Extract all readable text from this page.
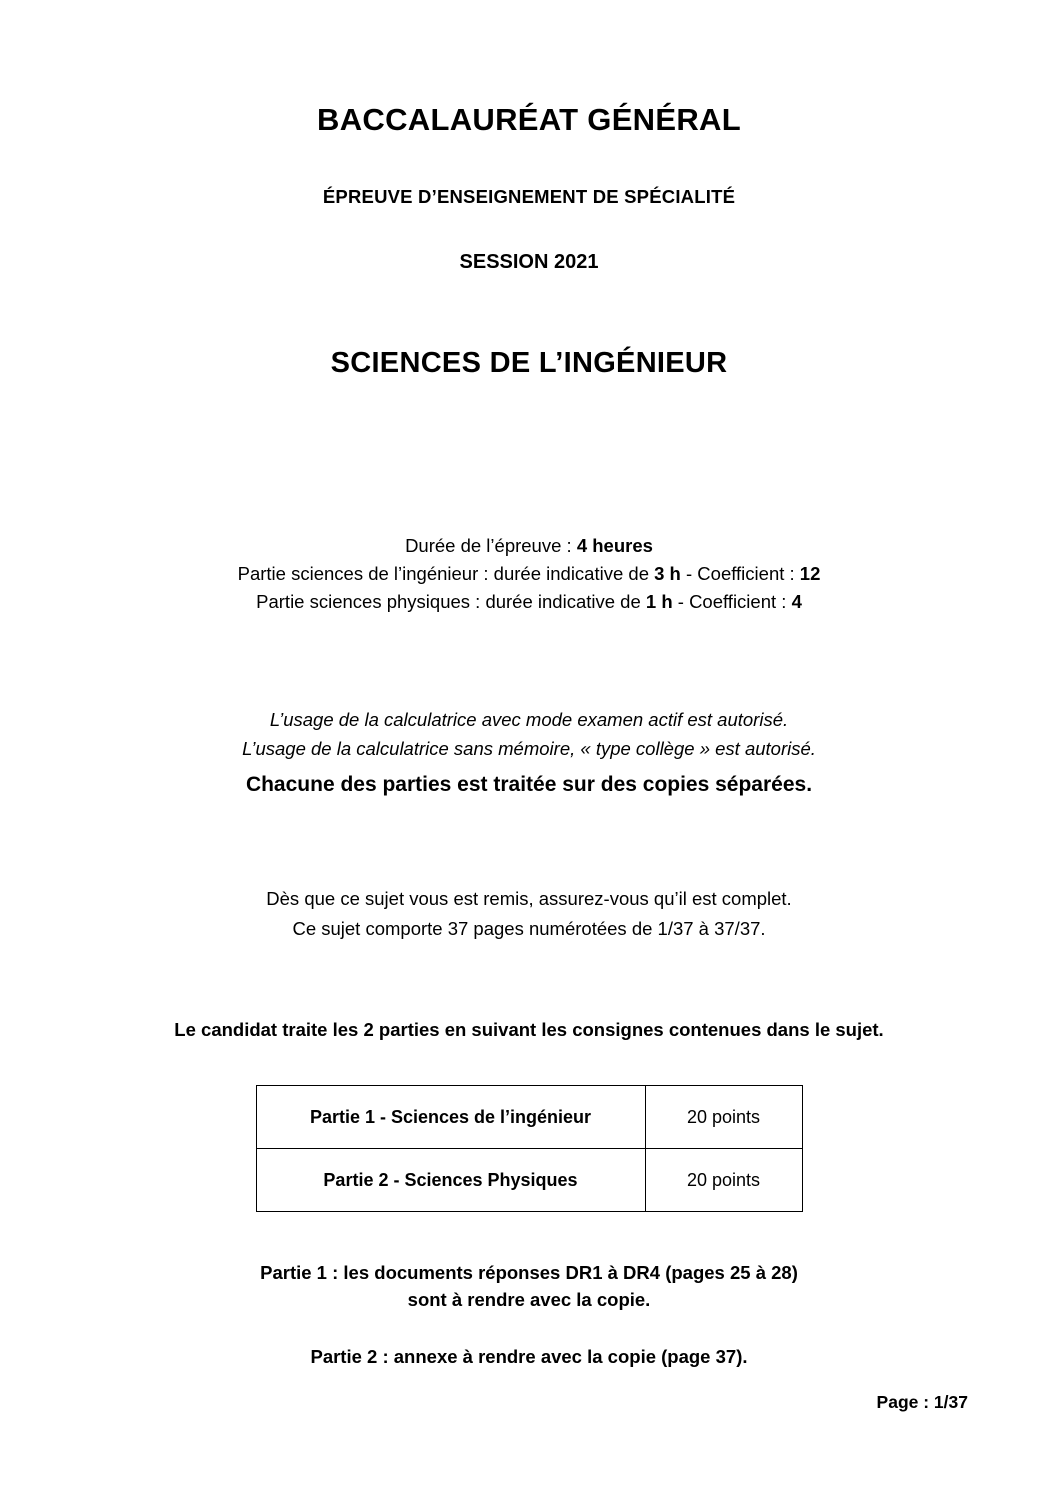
BACCALAURÉAT GÉNÉRAL
ÉPREUVE D’ENSEIGNEMENT DE SPÉCIALITÉ
SESSION 2021
SCIENCES DE L’INGÉNIEUR

Durée de l’épreuve : 4 heures

Partie sciences de l’ingénieur : durée indicative de 3 h - Coefficient : 12

Partie sciences physiques : durée indicative de 1 h - Coefficient : 4

L’usage de la calculatrice avec mode examen actif est autorisé.
L’usage de la calculatrice sans mémoire, « type collège » est autorisé.
Chacune des parties est traitée sur des copies séparées.
Dès que ce sujet vous est remis, assurez-vous qu’il est complet.
Ce sujet comporte 37 pages numérotées de 1/37 à 37/37.
Le candidat traite les 2 parties en suivant les consignes contenues dans le sujet.
Partie 1 - Sciences de l’ingénieur	20 points
Partie 2 - Sciences Physiques	20 points
Partie 1 : les documents réponses DR1 à DR4 (pages 25 à 28)
sont à rendre avec la copie.
Partie 2 : annexe à rendre avec la copie (page 37).
Page : 1/37
